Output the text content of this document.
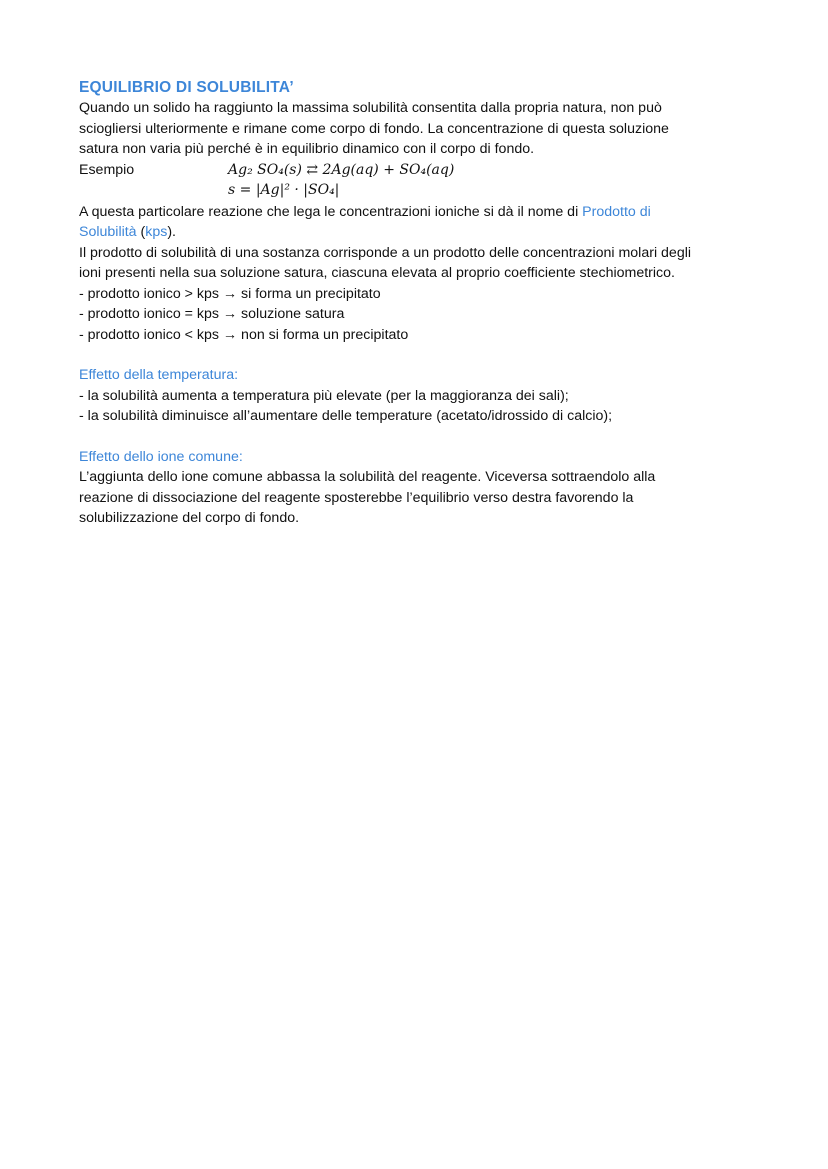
EQUILIBRIO DI SOLUBILITA’

Quando un solido ha raggiunto la massima solubilità consentita dalla propria natura, non può

sciogliersi ulteriormente e rimane come corpo di fondo. La concentrazione di questa soluzione

satura non varia più perché è in equilibrio dinamico con il corpo di fondo.

Esempio	Ag₂ SO₄(s) ⇄ 2Ag(aq) + SO₄(aq)
s = |Ag|² · |SO₄|

A questa particolare reazione che lega le concentrazioni ioniche si dà il nome di Prodotto di
Solubilità (kps).

Il prodotto di solubilità di una sostanza corrisponde a un prodotto delle concentrazioni molari degli

ioni presenti nella sua soluzione satura, ciascuna elevata al proprio coefficiente stechiometrico.

- prodotto ionico > kps → si forma un precipitato

- prodotto ionico = kps → soluzione satura

- prodotto ionico < kps → non si forma un precipitato

Effetto della temperatura:

- la solubilità aumenta a temperatura più elevate (per la maggioranza dei sali);

- la solubilità diminuisce all’aumentare delle temperature (acetato/idrossido di calcio);

Effetto dello ione comune:

L’aggiunta dello ione comune abbassa la solubilità del reagente. Viceversa sottraendolo alla

reazione di dissociazione del reagente sposterebbe l’equilibrio verso destra favorendo la

solubilizzazione del corpo di fondo.
